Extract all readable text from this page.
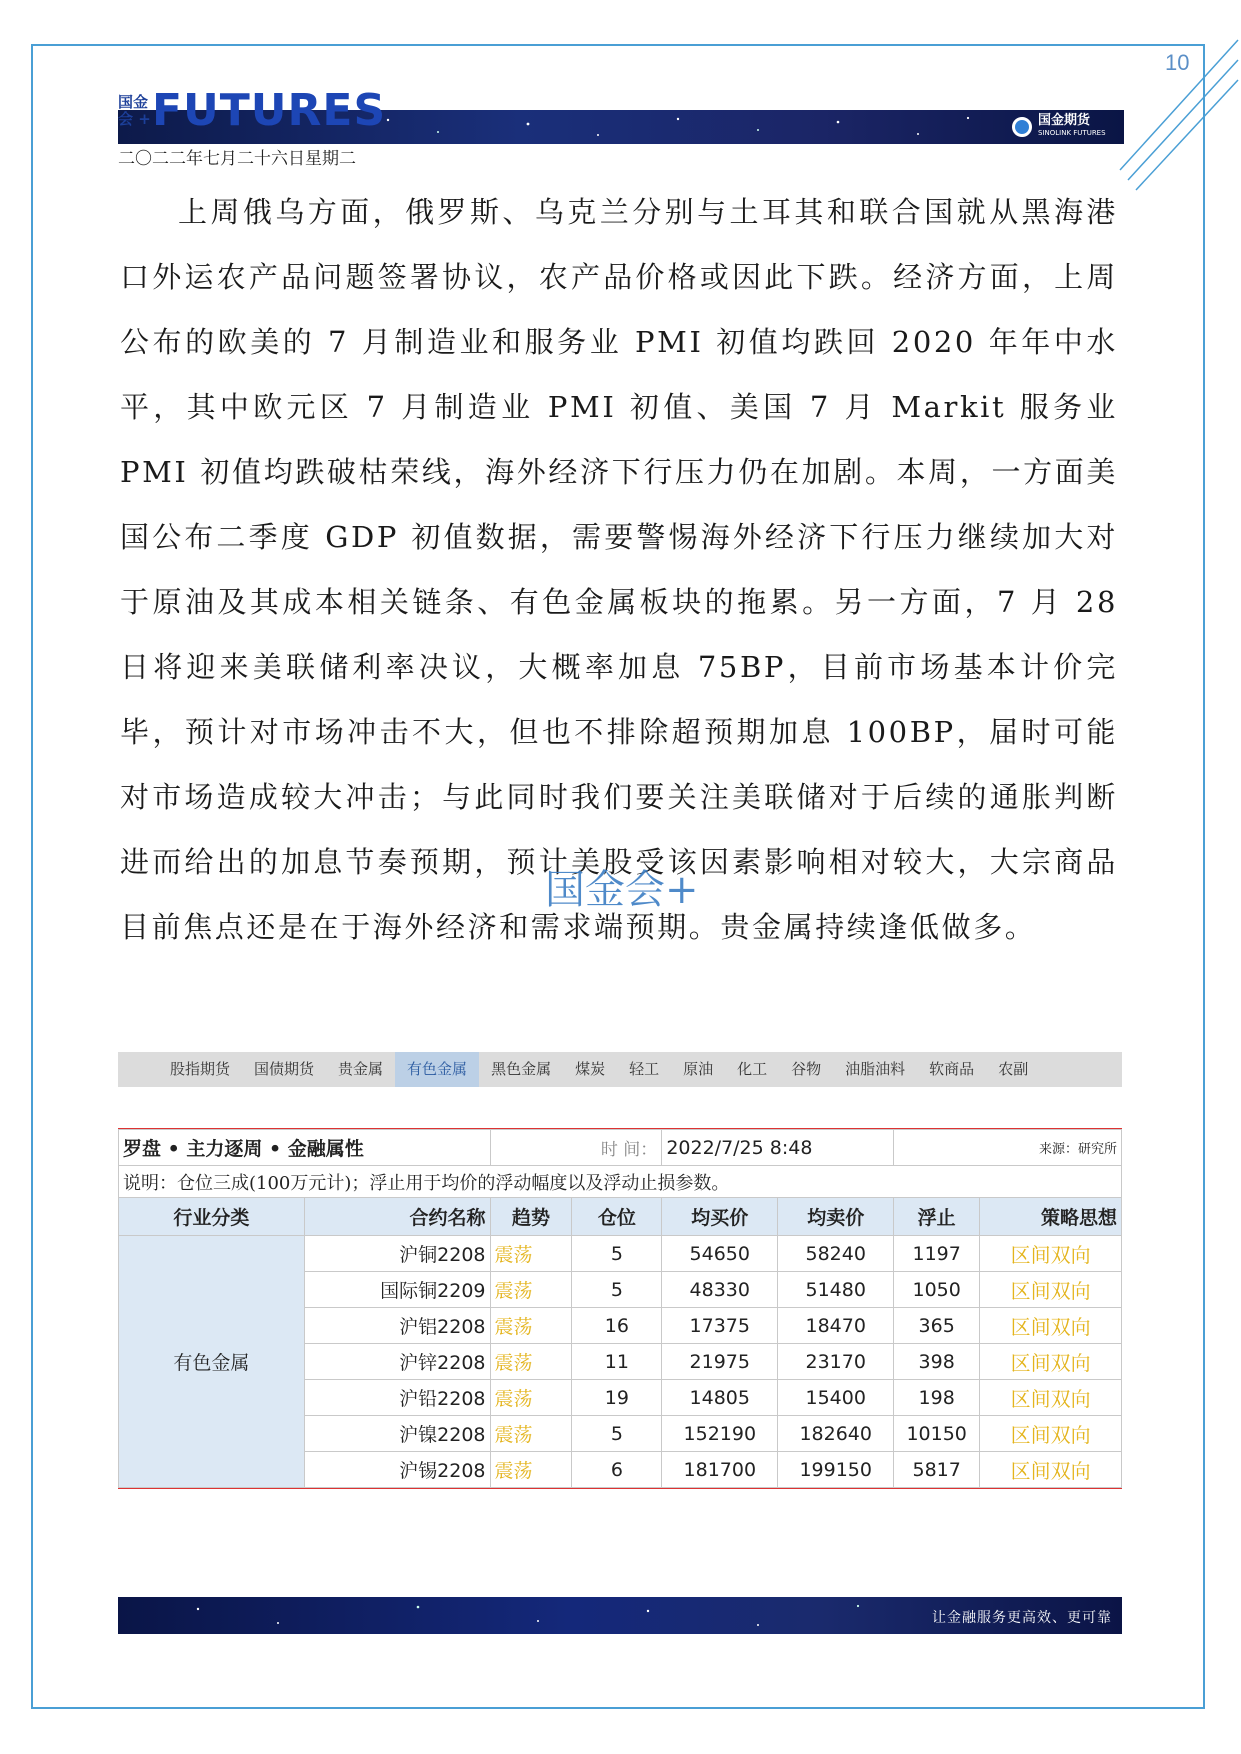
10
国金
会 + FUTURES	国金期货
SINOLINK FUTURES
二〇二二年七月二十六日星期二

上周俄乌方面，俄罗斯、乌克兰分别与土耳其和联合国就从黑海港口外运农产品问题签署协议，农产品价格或因此下跌。经济方面，上周公布的欧美的 7 月制造业和服务业 PMI 初值均跌回 2020 年年中水平，其中欧元区 7 月制造业 PMI 初值、美国 7 月 Markit 服务业 PMI 初值均跌破枯荣线，海外经济下行压力仍在加剧。本周，一方面美国公布二季度 GDP 初值数据，需要警惕海外经济下行压力继续加大对于原油及其成本相关链条、有色金属板块的拖累。另一方面，7 月 28 日将迎来美联储利率决议，大概率加息 75BP，目前市场基本计价完毕，预计对市场冲击不大，但也不排除超预期加息 100BP，届时可能对市场造成较大冲击；与此同时我们要关注美联储对于后续的通胀判断进而给出的加息节奏预期，预计美股受该因素影响相对较大，大宗商品目前焦点还是在于海外经济和需求端预期。贵金属持续逢低做多。

国金会+
股指期货	国债期货	贵金属	有色金属	黑色金属	煤炭	轻工	原油	化工	谷物	油脂油料	软商品	农副
罗盘 • 主力逐周 • 金融属性		时 间：		2022/7/25 8:48		来源：研究所	
说明：仓位三成(100万元计)；浮止用于均价的浮动幅度以及浮动止损参数。							
行业分类	合约名称	趋势	仓位	均买价	均卖价	浮止	策略思想
有色金属	沪铜2208	震荡	5	54650	58240	1197	区间双向
	国际铜2209	震荡	5	48330	51480	1050	区间双向
	沪铝2208	震荡	16	17375	18470	365	区间双向
	沪锌2208	震荡	11	21975	23170	398	区间双向
	沪铅2208	震荡	19	14805	15400	198	区间双向
	沪镍2208	震荡	5	152190	182640	10150	区间双向
	沪锡2208	震荡	6	181700	199150	5817	区间双向
让金融服务更高效、更可靠
